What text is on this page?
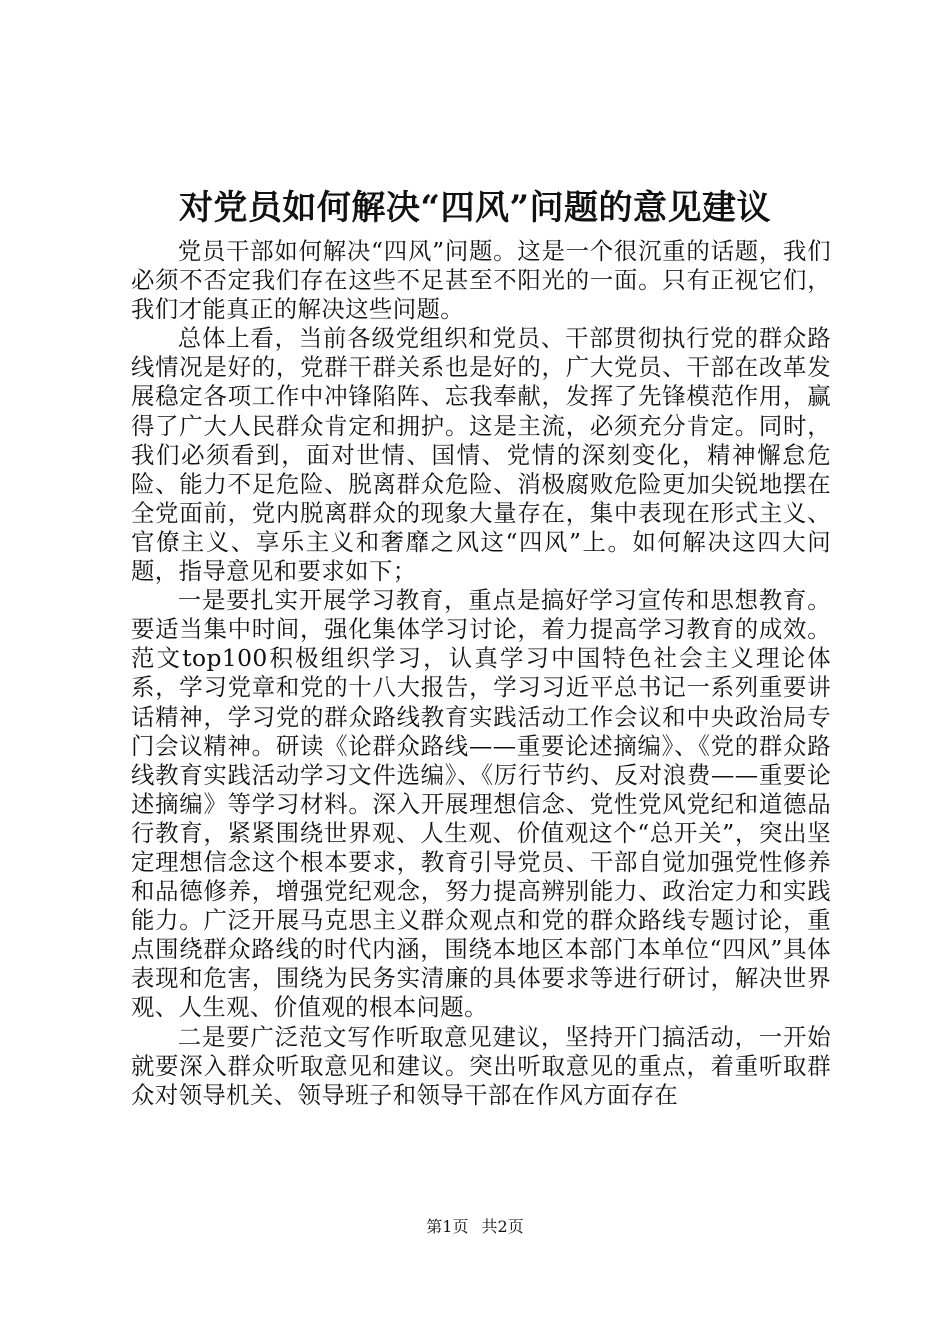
对党员如何解决“四风”问题的意见建议

党员干部如何解决“四风”问题。这是一个很沉重的话题，我们必须不否定我们存在这些不足甚至不阳光的一面。只有正视它们，我们才能真正的解决这些问题。

总体上看，当前各级党组织和党员、干部贯彻执行党的群众路线情况是好的，党群干群关系也是好的，广大党员、干部在改革发展稳定各项工作中冲锋陷阵、忘我奉献，发挥了先锋模范作用，赢得了广大人民群众肯定和拥护。这是主流，必须充分肯定。同时，我们必须看到，面对世情、国情、党情的深刻变化，精神懈怠危险、能力不足危险、脱离群众危险、消极腐败危险更加尖锐地摆在全党面前，党内脱离群众的现象大量存在，集中表现在形式主义、官僚主义、享乐主义和奢靡之风这“四风”上。如何解决这四大问题，指导意见和要求如下；

一是要扎实开展学习教育，重点是搞好学习宣传和思想教育。要适当集中时间，强化集体学习讨论，着力提高学习教育的成效。范文top100积极组织学习，认真学习中国特色社会主义理论体系，学习党章和党的十八大报告，学习习近平总书记一系列重要讲话精神，学习党的群众路线教育实践活动工作会议和中央政治局专门会议精神。研读《论群众路线——重要论述摘编》、《党的群众路线教育实践活动学习文件选编》、《厉行节约、反对浪费——重要论述摘编》等学习材料。深入开展理想信念、党性党风党纪和道德品行教育，紧紧围绕世界观、人生观、价值观这个“总开关”，突出坚定理想信念这个根本要求，教育引导党员、干部自觉加强党性修养和品德修养，增强党纪观念，努力提高辨别能力、政治定力和实践能力。广泛开展马克思主义群众观点和党的群众路线专题讨论，重点围绕群众路线的时代内涵，围绕本地区本部门本单位“四风”具体表现和危害，围绕为民务实清廉的具体要求等进行研讨，解决世界观、人生观、价值观的根本问题。

二是要广泛范文写作听取意见建议，坚持开门搞活动，一开始就要深入群众听取意见和建议。突出听取意见的重点，着重听取群众对领导机关、领导班子和领导干部在作风方面存在

第1页 共2页
